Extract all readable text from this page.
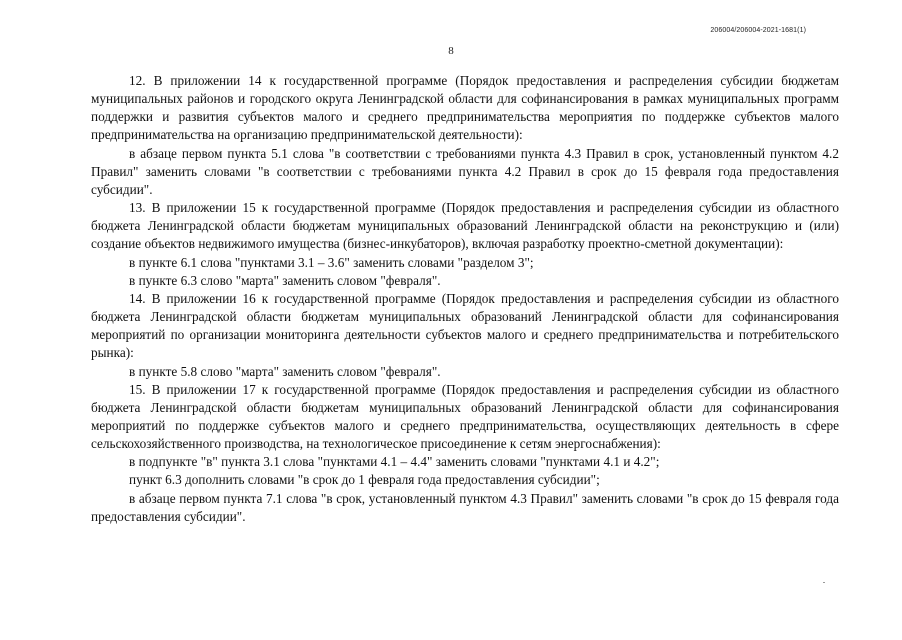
206004/206004-2021-1681(1)
8

12. В приложении 14 к государственной программе (Порядок предоставления и распределения субсидии бюджетам муниципальных районов и городского округа Ленинградской области для софинансирования в рамках муниципальных программ поддержки и развития субъектов малого и среднего предпринимательства мероприятия по поддержке субъектов малого предпринимательства на организацию предпринимательской деятельности):

в абзаце первом пункта 5.1 слова "в соответствии с требованиями пункта 4.3 Правил в срок, установленный пунктом 4.2 Правил" заменить словами "в соответствии с требованиями пункта 4.2 Правил в срок до 15 февраля года предоставления субсидии".

13. В приложении 15 к государственной программе (Порядок предоставления и распределения субсидии из областного бюджета Ленинградской области бюджетам муниципальных образований Ленинградской области на реконструкцию и (или) создание объектов недвижимого имущества (бизнес-инкубаторов), включая разработку проектно-сметной документации):

в пункте 6.1 слова "пунктами 3.1 – 3.6" заменить словами "разделом 3";

в пункте 6.3 слово "марта" заменить словом "февраля".

14. В приложении 16 к государственной программе (Порядок предоставления и распределения субсидии из областного бюджета Ленинградской области бюджетам муниципальных образований Ленинградской области для софинансирования мероприятий по организации мониторинга деятельности субъектов малого и среднего предпринимательства и потребительского рынка):

в пункте 5.8 слово "марта" заменить словом "февраля".

15. В приложении 17 к государственной программе (Порядок предоставления и распределения субсидии из областного бюджета Ленинградской области бюджетам муниципальных образований Ленинградской области для софинансирования мероприятий по поддержке субъектов малого и среднего предпринимательства, осуществляющих деятельность в сфере сельскохозяйственного производства, на технологическое присоединение к сетям энергоснабжения):

в подпункте "в" пункта 3.1 слова "пунктами 4.1 – 4.4" заменить словами "пунктами 4.1 и 4.2";

пункт 6.3 дополнить словами "в срок до 1 февраля года предоставления субсидии";

в абзаце первом пункта 7.1 слова "в срок, установленный пунктом 4.3 Правил" заменить словами "в срок до 15 февраля года предоставления субсидии".
